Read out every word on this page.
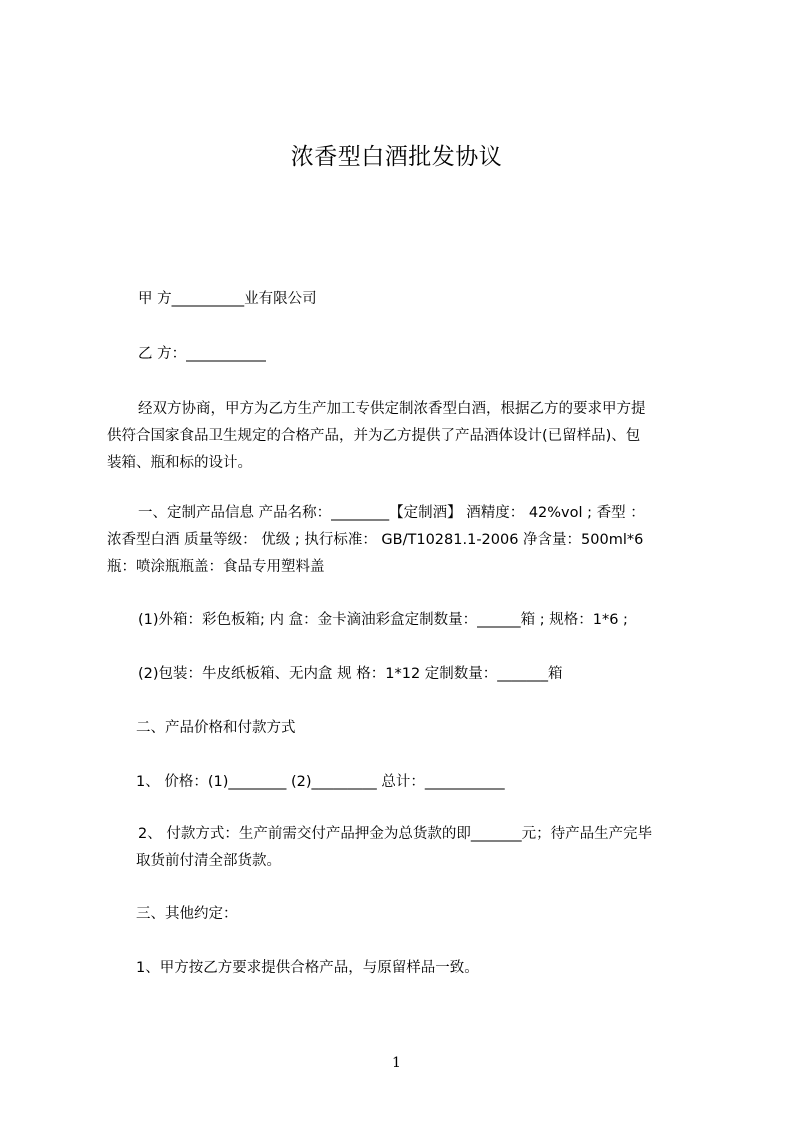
浓香型白酒批发协议
甲 方__________业有限公司
乙 方：___________
经双方协商，甲方为乙方生产加工专供定制浓香型白酒，根据乙方的要求甲方提
供符合国家食品卫生规定的合格产品，并为乙方提供了产品酒体设计(已留样品)、包
装箱、瓶和标的设计。
一、定制产品信息 产品名称：________【定制酒】 酒精度： 42%vol ; 香型 ：
浓香型白酒 质量等级： 优级 ; 执行标准： GB/T10281.1-2006 净含量：500ml*6
瓶：喷涂瓶瓶盖：食品专用塑料盖
(1)外箱：彩色板箱; 内 盒：金卡滴油彩盒定制数量：______箱 ; 规格：1*6 ;
(2)包装：牛皮纸板箱、无内盒 规 格：1*12 定制数量：_______箱
二、产品价格和付款方式
1、 价格：(1)________ (2)_________ 总计：___________
2、 付款方式：生产前需交付产品押金为总货款的即_______元；待产品生产完毕
取货前付清全部货款。
三、其他约定：
1、甲方按乙方要求提供合格产品，与原留样品一致。
1
